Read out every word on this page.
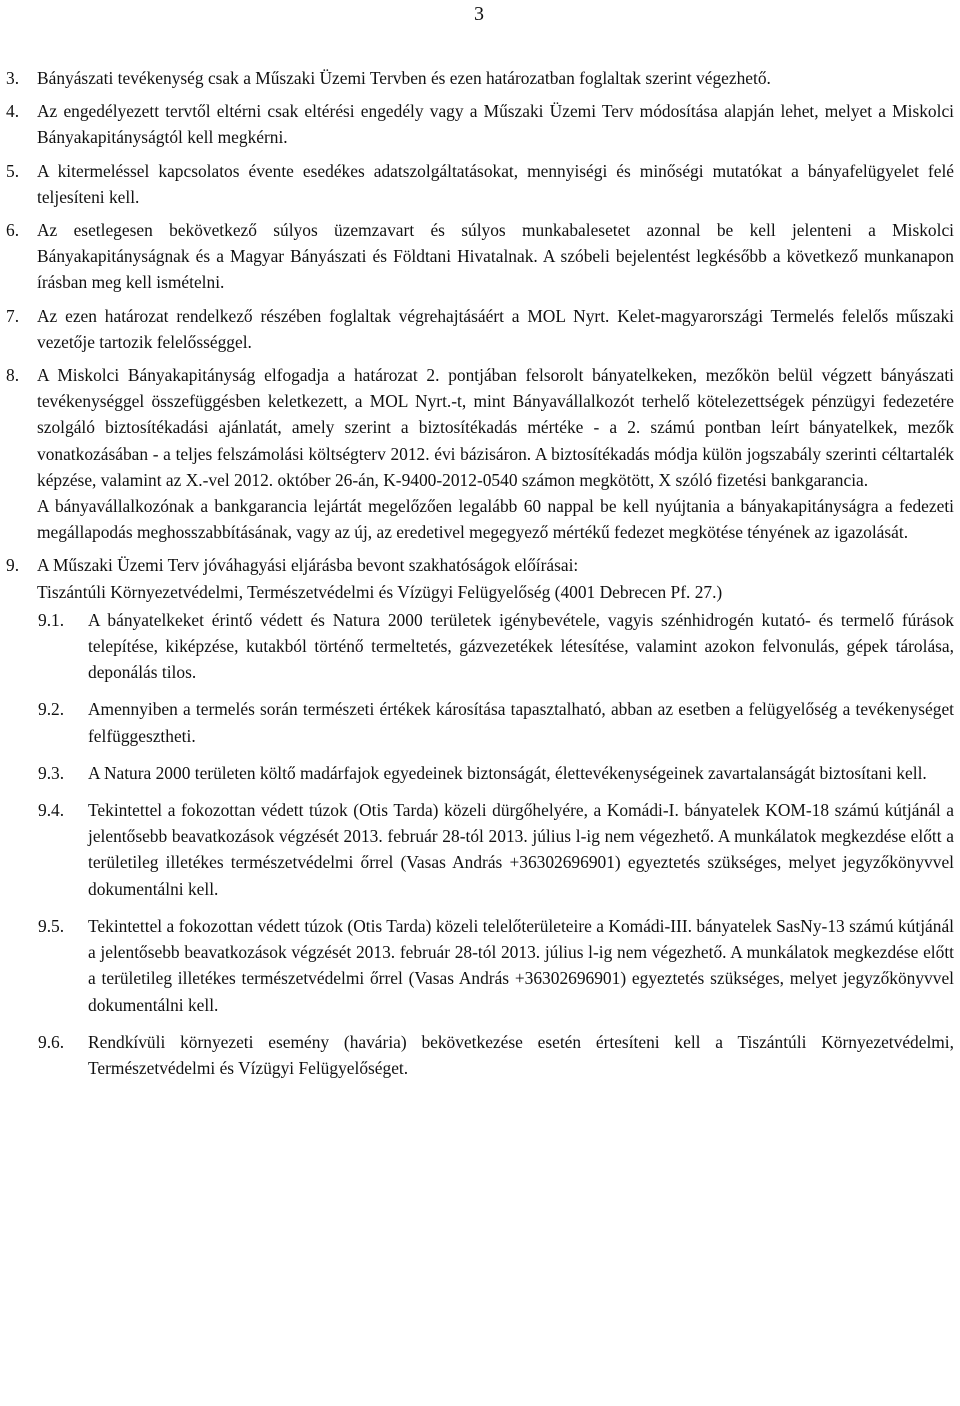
3
3. Bányászati tevékenység csak a Műszaki Üzemi Tervben és ezen határozatban foglaltak szerint végezhető.

4. Az engedélyezett tervtől eltérni csak eltérési engedély vagy a Műszaki Üzemi Terv módosítása alapján lehet, melyet a Miskolci Bányakapitányságtól kell megkérni.

5. A kitermeléssel kapcsolatos évente esedékes adatszolgáltatásokat, mennyiségi és minőségi mutatókat a bányafelügyelet felé teljesíteni kell.

6. Az esetlegesen bekövetkező súlyos üzemzavart és súlyos munkabalesetet azonnal be kell jelenteni a Miskolci Bányakapitányságnak és a Magyar Bányászati és Földtani Hivatalnak. A szóbeli bejelentést legkésőbb a következő munkanapon írásban meg kell ismételni.

7. Az ezen határozat rendelkező részében foglaltak végrehajtásáért a MOL Nyrt. Kelet-magyarországi Termelés felelős műszaki vezetője tartozik felelősséggel.

8. A Miskolci Bányakapitányság elfogadja a határozat 2. pontjában felsorolt bányatelkeken, mezőkön belül végzett bányászati tevékenységgel összefüggésben keletkezett, a MOL Nyrt.-t, mint Bányavállalkozót terhelő kötelezettségek pénzügyi fedezetére szolgáló biztosítékadási ajánlatát, amely szerint a biztosítékadás mértéke - a 2. számú pontban leírt bányatelkek, mezők vonatkozásában - a teljes felszámolási költségterv 2012. évi bázisáron. A biztosítékadás módja külön jogszabály szerinti céltartalék képzése, valamint az X.-vel 2012. október 26-án, K-9400-2012-0540 számon megkötött, X szóló fizetési bankgarancia.

A bányavállalkozónak a bankgarancia lejártát megelőzően legalább 60 nappal be kell nyújtania a bányakapitányságra a fedezeti megállapodás meghosszabbításának, vagy az új, az eredetivel megegyező mértékű fedezet megkötése tényének az igazolását.

9. A Műszaki Üzemi Terv jóváhagyási eljárásba bevont szakhatóságok előírásai:

Tiszántúli Környezetvédelmi, Természetvédelmi és Vízügyi Felügyelőség (4001 Debrecen Pf. 27.)

9.1. A bányatelkeket érintő védett és Natura 2000 területek igénybevétele, vagyis szénhidrogén kutató- és termelő fúrások telepítése, kiképzése, kutakból történő termeltetés, gázvezetékek létesítése, valamint azokon felvonulás, gépek tárolása, deponálás tilos.

9.2. Amennyiben a termelés során természeti értékek károsítása tapasztalható, abban az esetben a felügyelőség a tevékenységet felfüggesztheti.

9.3. A Natura 2000 területen költő madárfajok egyedeinek biztonságát, élettevékenységeinek zavartalanságát biztosítani kell.

9.4. Tekintettel a fokozottan védett túzok (Otis Tarda) közeli dürgőhelyére, a Komádi-I. bányatelek KOM-18 számú kútjánál a jelentősebb beavatkozások végzését 2013. február 28-tól 2013. július l-ig nem végezhető. A munkálatok megkezdése előtt a területileg illetékes természetvédelmi őrrel (Vasas András +36302696901) egyeztetés szükséges, melyet jegyzőkönyvvel dokumentálni kell.

9.5. Tekintettel a fokozottan védett túzok (Otis Tarda) közeli telelőterületeire a Komádi-III. bányatelek SasNy-13 számú kútjánál a jelentősebb beavatkozások végzését 2013. február 28-tól 2013. július l-ig nem végezhető. A munkálatok megkezdése előtt a területileg illetékes természetvédelmi őrrel (Vasas András +36302696901) egyeztetés szükséges, melyet jegyzőkönyvvel dokumentálni kell.

9.6. Rendkívüli környezeti esemény (havária) bekövetkezése esetén értesíteni kell a Tiszántúli Környezetvédelmi, Természetvédelmi és Vízügyi Felügyelőséget.
